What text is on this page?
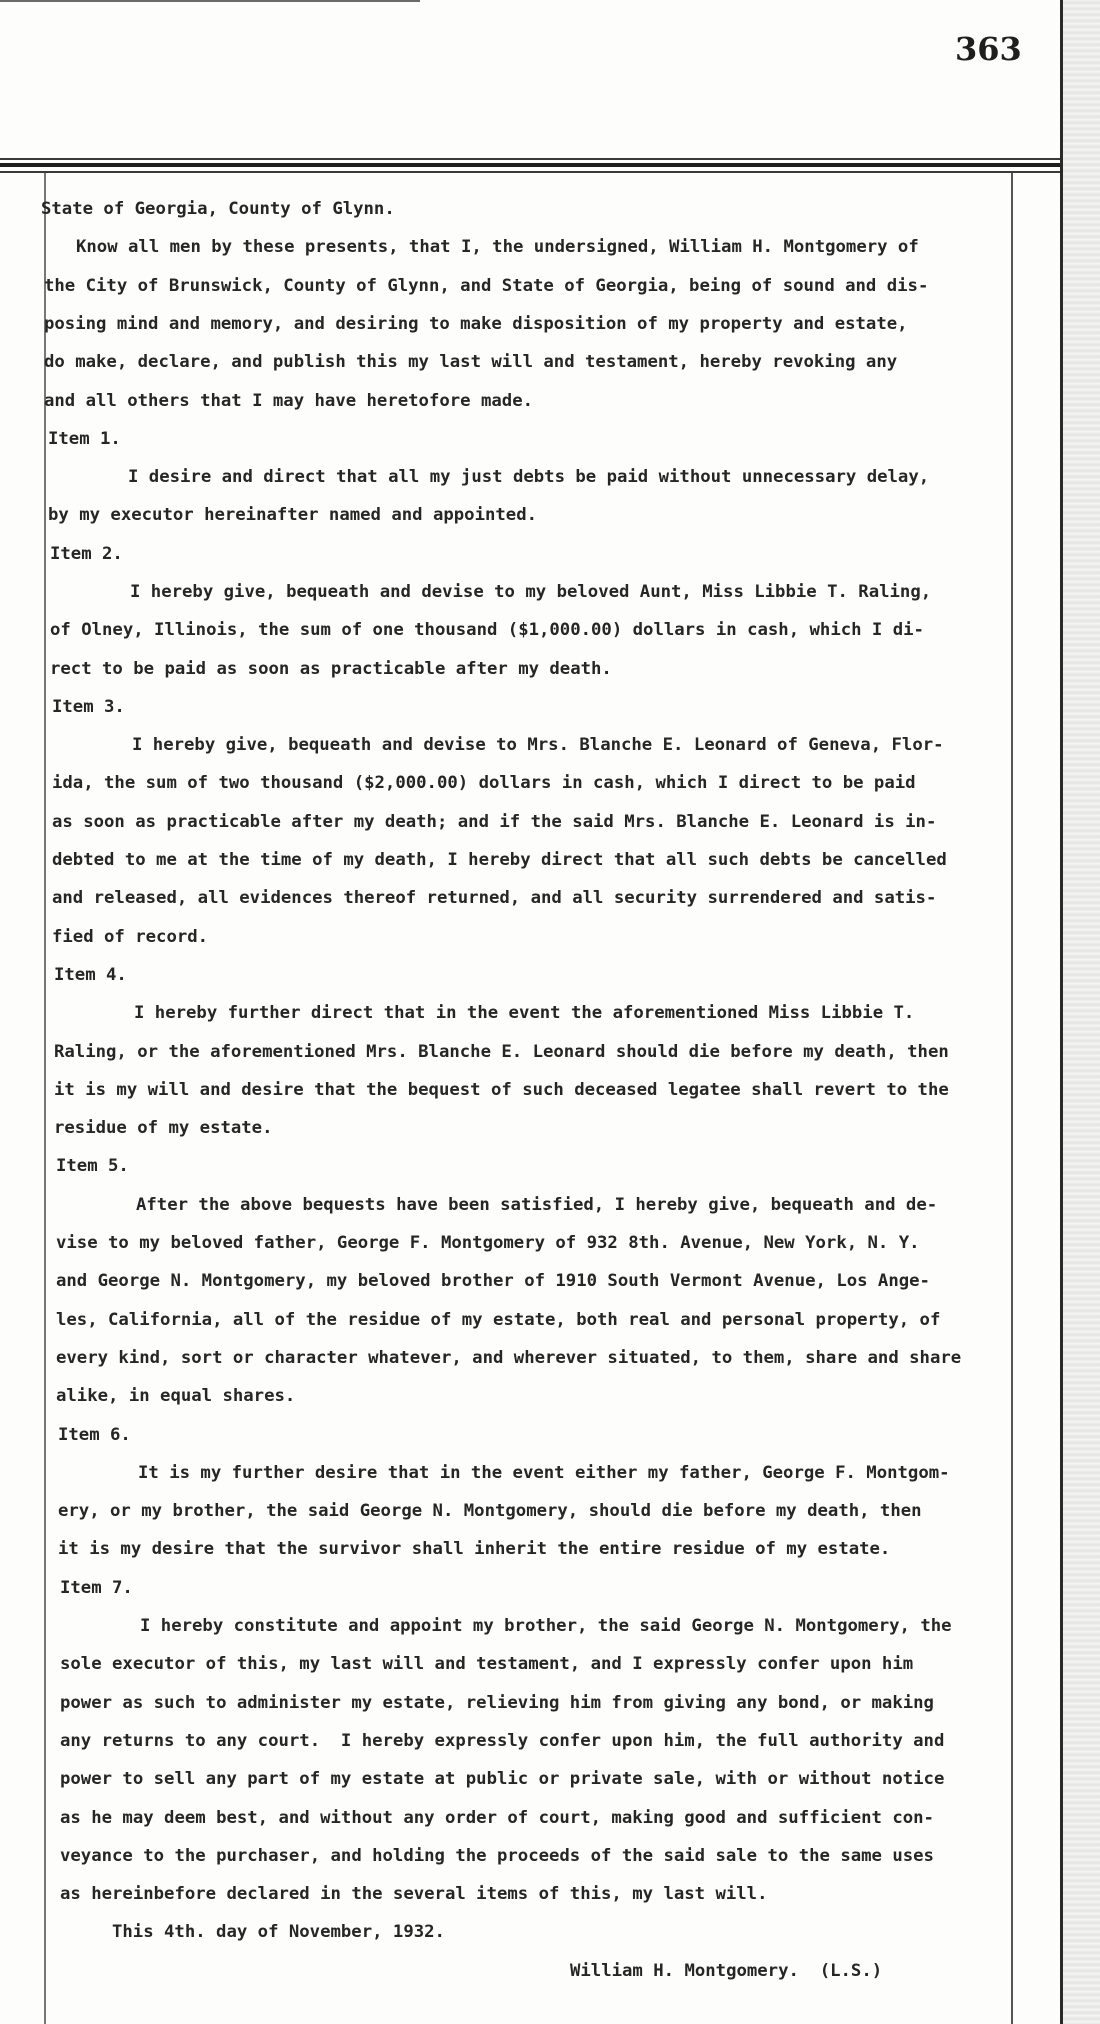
363

State of Georgia, County of Glynn.

Know all men by these presents, that I, the undersigned, William H. Montgomery of

the City of Brunswick, County of Glynn, and State of Georgia, being of sound and dis-

posing mind and memory, and desiring to make disposition of my property and estate,

do make, declare, and publish this my last will and testament, hereby revoking any

and all others that I may have heretofore made.

Item 1.

I desire and direct that all my just debts be paid without unnecessary delay,

by my executor hereinafter named and appointed.

Item 2.

I hereby give, bequeath and devise to my beloved Aunt, Miss Libbie T. Raling,

of Olney, Illinois, the sum of one thousand ($1,000.00) dollars in cash, which I di-

rect to be paid as soon as practicable after my death.

Item 3.

I hereby give, bequeath and devise to Mrs. Blanche E. Leonard of Geneva, Flor-

ida, the sum of two thousand ($2,000.00) dollars in cash, which I direct to be paid

as soon as practicable after my death; and if the said Mrs. Blanche E. Leonard is in-

debted to me at the time of my death, I hereby direct that all such debts be cancelled

and released, all evidences thereof returned, and all security surrendered and satis-

fied of record.

Item 4.

I hereby further direct that in the event the aforementioned Miss Libbie T.

Raling, or the aforementioned Mrs. Blanche E. Leonard should die before my death, then

it is my will and desire that the bequest of such deceased legatee shall revert to the

residue of my estate.

Item 5.

After the above bequests have been satisfied, I hereby give, bequeath and de-

vise to my beloved father, George F. Montgomery of 932 8th. Avenue, New York, N. Y.

and George N. Montgomery, my beloved brother of 1910 South Vermont Avenue, Los Ange-

les, California, all of the residue of my estate, both real and personal property, of

every kind, sort or character whatever, and wherever situated, to them, share and share

alike, in equal shares.

Item 6.

It is my further desire that in the event either my father, George F. Montgom-

ery, or my brother, the said George N. Montgomery, should die before my death, then

it is my desire that the survivor shall inherit the entire residue of my estate.

Item 7.

I hereby constitute and appoint my brother, the said George N. Montgomery, the

sole executor of this, my last will and testament, and I expressly confer upon him

power as such to administer my estate, relieving him from giving any bond, or making

any returns to any court.  I hereby expressly confer upon him, the full authority and

power to sell any part of my estate at public or private sale, with or without notice

as he may deem best, and without any order of court, making good and sufficient con-

veyance to the purchaser, and holding the proceeds of the said sale to the same uses

as hereinbefore declared in the several items of this, my last will.

This 4th. day of November, 1932.

William H. Montgomery.  (L.S.)
